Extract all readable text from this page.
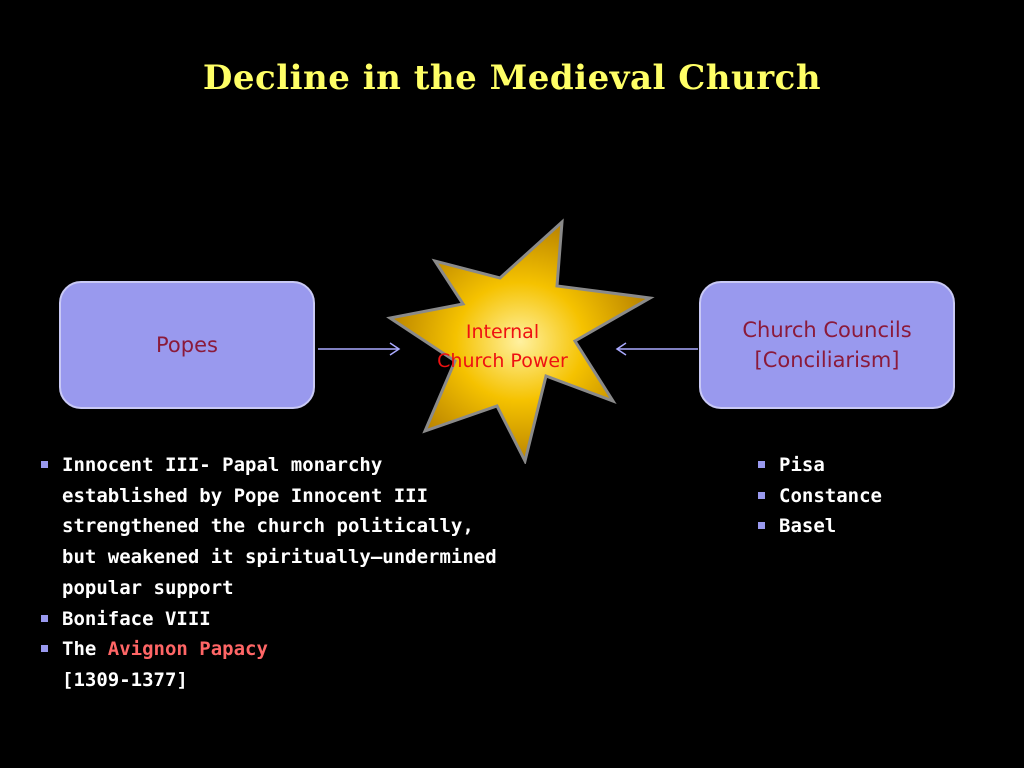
Decline in the Medieval Church
Popes
Internal
Church Power
Church Councils
[Conciliarism]
Innocent III- Papal monarchy established by Pope Innocent III strengthened the church politically, but weakened it spiritually—undermined popular support
Boniface VIII
The Avignon Papacy
[1309-1377]
Pisa
Constance
Basel
